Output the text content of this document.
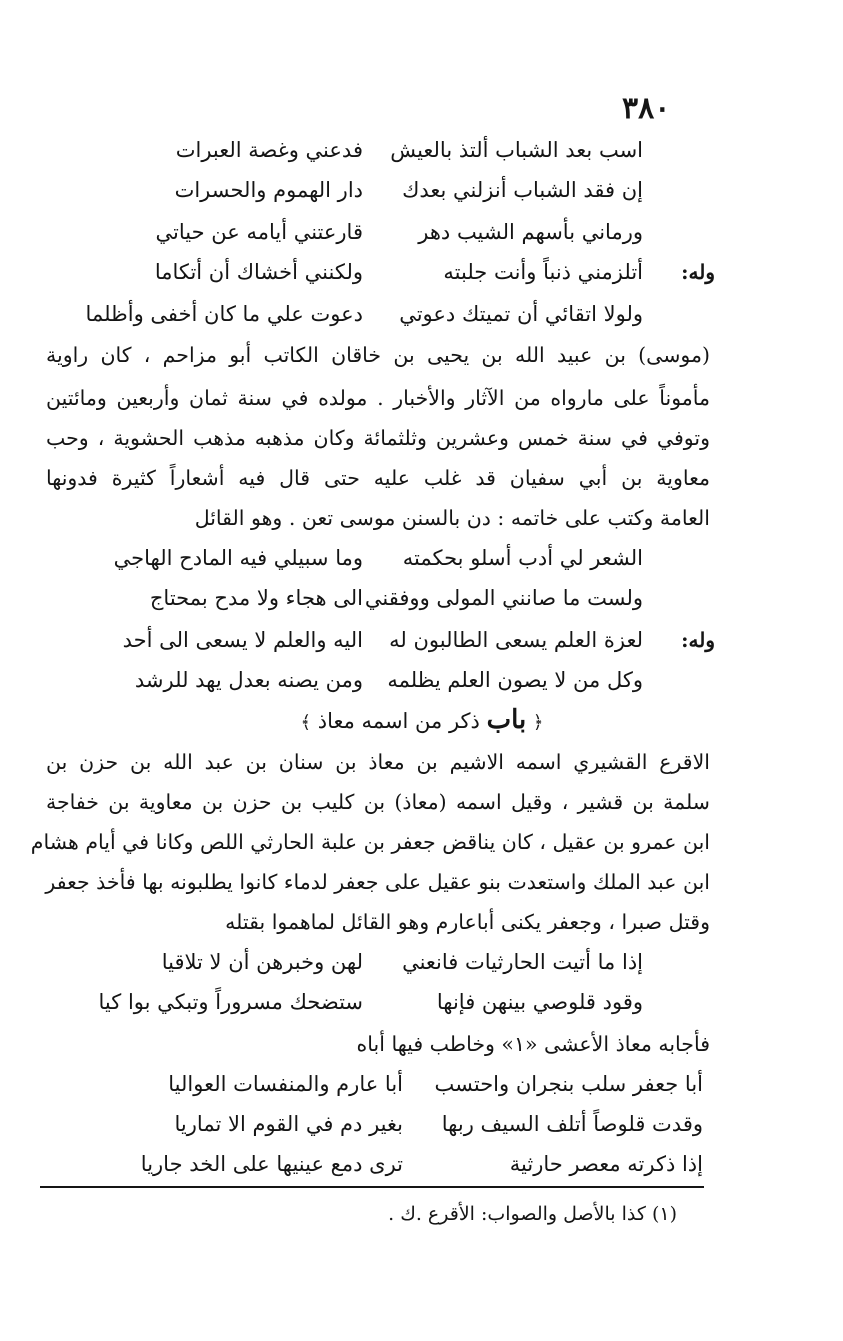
٣٨٠
اسب بعد الشباب ألتذ بالعيش
فدعني وغصة العبرات
إن فقد الشباب أنزلني بعدك
دار الهموم والحسرات
ورماني بأسهم الشيب دهر
قارعتني أيامه عن حياتي
وله:
أتلزمني ذنباً وأنت جلبته
ولكنني أخشاك أن أتكاما
ولولا اتقائي أن تميتك دعوتي
دعوت علي ما كان أخفى وأظلما
(موسى) بن عبيد الله بن يحيى بن خاقان الكاتب أبو مزاحم ، كان راوية
مأموناً على مارواه من الآثار والأخبار . مولده في سنة ثمان وأربعين ومائتين
وتوفي في سنة خمس وعشرين وثلثمائة وكان مذهبه مذهب الحشوية ، وحب
معاوية بن أبي سفيان قد غلب عليه حتى قال فيه أشعاراً كثيرة فدونها
العامة وكتب على خاتمه : دن بالسنن موسى تعن . وهو القائل
الشعر لي أدب أسلو بحكمته
وما سبيلي فيه المادح الهاجي
ولست ما صانني المولى ووفقني
الى هجاء ولا مدح بمحتاج
وله:
لعزة العلم يسعى الطالبون له
اليه والعلم لا يسعى الى أحد
وكل من لا يصون العلم يظلمه
ومن يصنه بعدل يهد للرشد
﴿ باب ذكر من اسمه معاذ ﴾
الاقرع القشيري اسمه الاشيم بن معاذ بن سنان بن عبد الله بن حزن بن
سلمة بن قشير ، وقيل اسمه (معاذ) بن كليب بن حزن بن معاوية بن خفاجة
ابن عمرو بن عقيل ، كان يناقض جعفر بن علبة الحارثي اللص وكانا في أيام هشام
ابن عبد الملك واستعدت بنو عقيل على جعفر لدماء كانوا يطلبونه بها فأخذ جعفر
وقتل صبرا ، وجعفر يكنى أباعارم وهو القائل لماهموا بقتله
إذا ما أتيت الحارثيات فانعني
لهن وخبرهن أن لا تلاقيا
وقود قلوصي بينهن فإنها
ستضحك مسروراً وتبكي بوا كيا
فأجابه معاذ الأعشى «١» وخاطب فيها أباه
أبا جعفر سلب بنجران واحتسب
أبا عارم والمنفسات العواليا
وقدت قلوصاً أتلف السيف ربها
بغير دم في القوم الا تماريا
إذا ذكرته معصر حارثية
ترى دمع عينيها على الخد جاريا
(١) كذا بالأصل والصواب: الأقرع .ك .
